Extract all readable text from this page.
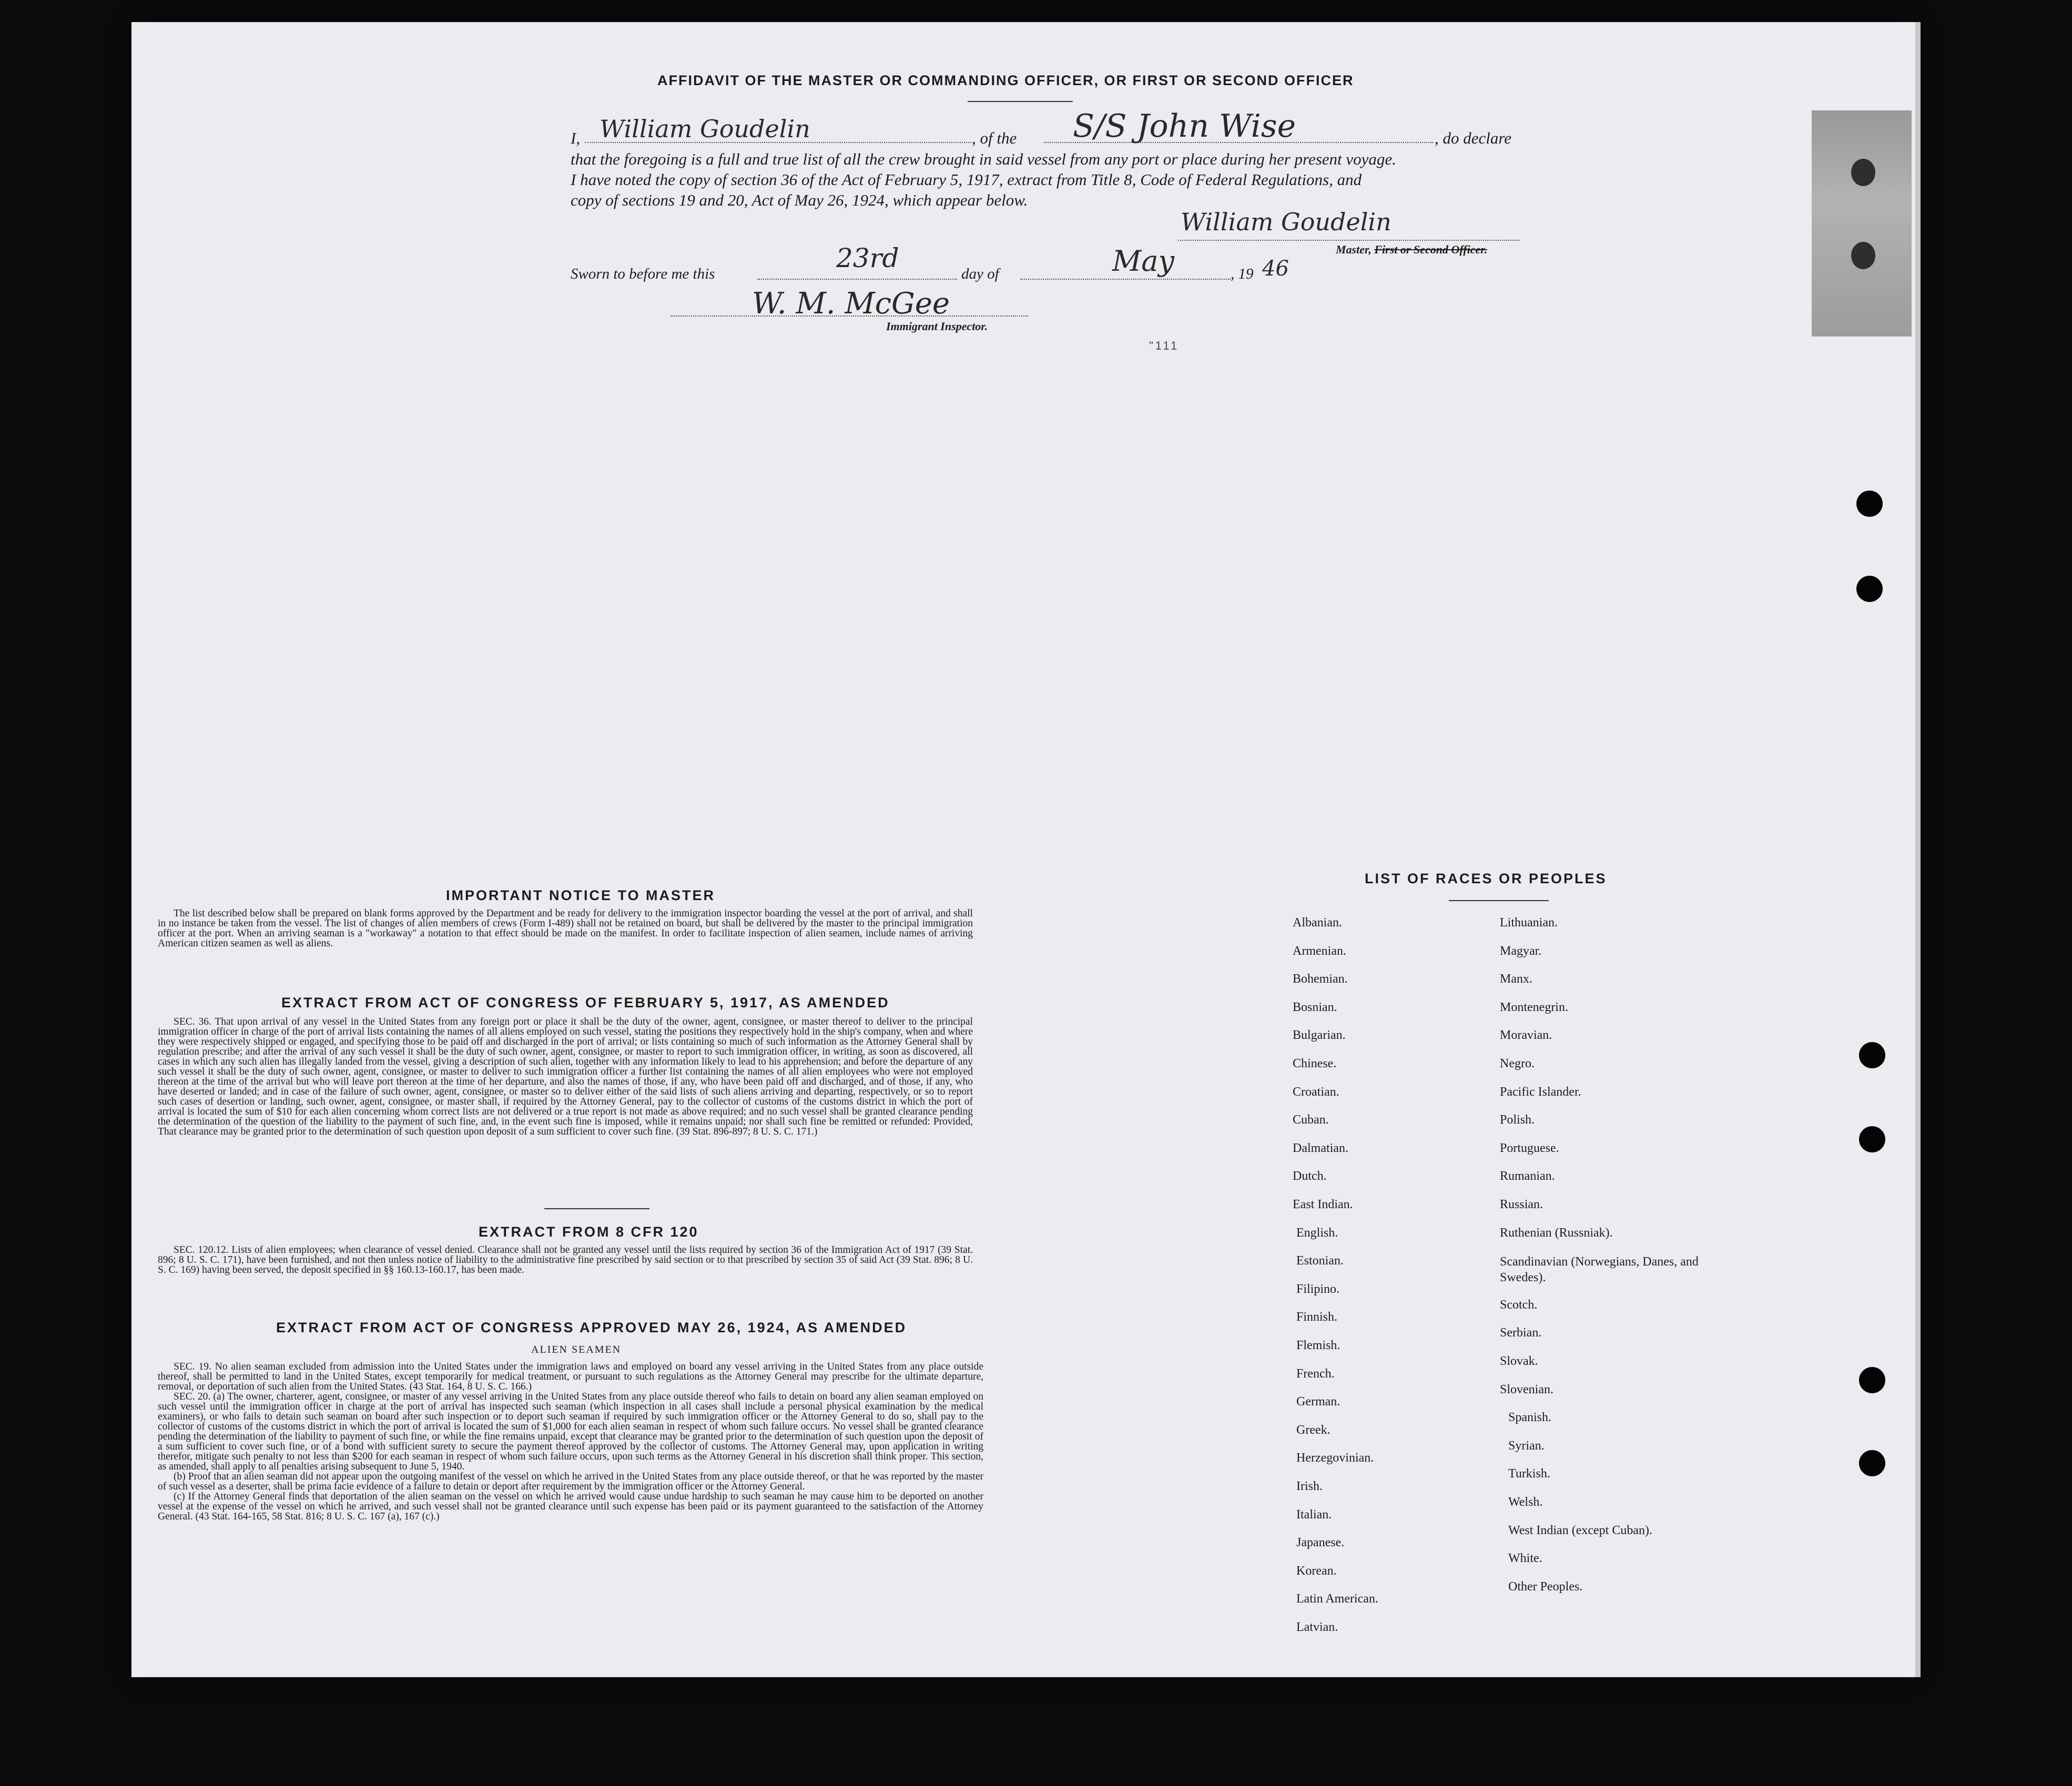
AFFIDAVIT OF THE MASTER OR COMMANDING OFFICER, OR FIRST OR SECOND OFFICER
I, William Goudelin	, of the S/S John Wise	, do declare
that the foregoing is a full and true list of all the crew brought in said vessel from any port or place during her present voyage.
I have noted the copy of section 36 of the Act of February 5, 1917, extract from Title 8, Code of Federal Regulations, and
copy of sections 19 and 20, Act of May 26, 1924, which appear below.
William Goudelin
Master, First or Second Officer.
Sworn to before me this
23rd
day of	May	, 19 46
W. M. McGee
Immigrant Inspector.
"111
IMPORTANT NOTICE TO MASTER

The list described below shall be prepared on blank forms approved by the Department and be ready for delivery to the immigration inspector boarding the vessel at the port of arrival, and shall in no instance be taken from the vessel. The list of changes of alien members of crews (Form I-489) shall not be retained on board, but shall be delivered by the master to the principal immigration officer at the port. When an arriving seaman is a "workaway" a notation to that effect should be made on the manifest. In order to facilitate inspection of alien seamen, include names of arriving American citizen seamen as well as aliens.

EXTRACT FROM ACT OF CONGRESS OF FEBRUARY 5, 1917, AS AMENDED

SEC. 36. That upon arrival of any vessel in the United States from any foreign port or place it shall be the duty of the owner, agent, consignee, or master thereof to deliver to the principal immigration officer in charge of the port of arrival lists containing the names of all aliens employed on such vessel, stating the positions they respectively hold in the ship's company, when and where they were respectively shipped or engaged, and specifying those to be paid off and discharged in the port of arrival; or lists containing so much of such information as the Attorney General shall by regulation prescribe; and after the arrival of any such vessel it shall be the duty of such owner, agent, consignee, or master to report to such immigration officer, in writing, as soon as discovered, all cases in which any such alien has illegally landed from the vessel, giving a description of such alien, together with any information likely to lead to his apprehension; and before the departure of any such vessel it shall be the duty of such owner, agent, consignee, or master to deliver to such immigration officer a further list containing the names of all alien employees who were not employed thereon at the time of the arrival but who will leave port thereon at the time of her departure, and also the names of those, if any, who have been paid off and discharged, and of those, if any, who have deserted or landed; and in case of the failure of such owner, agent, consignee, or master so to deliver either of the said lists of such aliens arriving and departing, respectively, or so to report such cases of desertion or landing, such owner, agent, consignee, or master shall, if required by the Attorney General, pay to the collector of customs of the customs district in which the port of arrival is located the sum of $10 for each alien concerning whom correct lists are not delivered or a true report is not made as above required; and no such vessel shall be granted clearance pending the determination of the question of the liability to the payment of such fine, and, in the event such fine is imposed, while it remains unpaid; nor shall such fine be remitted or refunded: Provided, That clearance may be granted prior to the determination of such question upon deposit of a sum sufficient to cover such fine. (39 Stat. 896-897; 8 U. S. C. 171.)

EXTRACT FROM 8 CFR 120

SEC. 120.12. Lists of alien employees; when clearance of vessel denied. Clearance shall not be granted any vessel until the lists required by section 36 of the Immigration Act of 1917 (39 Stat. 896; 8 U. S. C. 171), have been furnished, and not then unless notice of liability to the administrative fine prescribed by said section or to that prescribed by section 35 of said Act (39 Stat. 896; 8 U. S. C. 169) having been served, the deposit specified in §§ 160.13-160.17, has been made.

EXTRACT FROM ACT OF CONGRESS APPROVED MAY 26, 1924, AS AMENDED
ALIEN SEAMEN

SEC. 19. No alien seaman excluded from admission into the United States under the immigration laws and employed on board any vessel arriving in the United States from any place outside thereof, shall be permitted to land in the United States, except temporarily for medical treatment, or pursuant to such regulations as the Attorney General may prescribe for the ultimate departure, removal, or deportation of such alien from the United States. (43 Stat. 164, 8 U. S. C. 166.)

SEC. 20. (a) The owner, charterer, agent, consignee, or master of any vessel arriving in the United States from any place outside thereof who fails to detain on board any alien seaman employed on such vessel until the immigration officer in charge at the port of arrival has inspected such seaman (which inspection in all cases shall include a personal physical examination by the medical examiners), or who fails to detain such seaman on board after such inspection or to deport such seaman if required by such immigration officer or the Attorney General to do so, shall pay to the collector of customs of the customs district in which the port of arrival is located the sum of $1,000 for each alien seaman in respect of whom such failure occurs. No vessel shall be granted clearance pending the determination of the liability to payment of such fine, or while the fine remains unpaid, except that clearance may be granted prior to the determination of such question upon the deposit of a sum sufficient to cover such fine, or of a bond with sufficient surety to secure the payment thereof approved by the collector of customs. The Attorney General may, upon application in writing therefor, mitigate such penalty to not less than $200 for each seaman in respect of whom such failure occurs, upon such terms as the Attorney General in his discretion shall think proper. This section, as amended, shall apply to all penalties arising subsequent to June 5, 1940.

(b) Proof that an alien seaman did not appear upon the outgoing manifest of the vessel on which he arrived in the United States from any place outside thereof, or that he was reported by the master of such vessel as a deserter, shall be prima facie evidence of a failure to detain or deport after requirement by the immigration officer or the Attorney General.

(c) If the Attorney General finds that deportation of the alien seaman on the vessel on which he arrived would cause undue hardship to such seaman he may cause him to be deported on another vessel at the expense of the vessel on which he arrived, and such vessel shall not be granted clearance until such expense has been paid or its payment guaranteed to the satisfaction of the Attorney General. (43 Stat. 164-165, 58 Stat. 816; 8 U. S. C. 167 (a), 167 (c).)

LIST OF RACES OR PEOPLES
Albanian.
Armenian.
Bohemian.
Bosnian.
Bulgarian.
Chinese.
Croatian.
Cuban.
Dalmatian.
Dutch.
East Indian.
English.
Estonian.
Filipino.
Finnish.
Flemish.
French.
German.
Greek.
Herzegovinian.
Irish.
Italian.
Japanese.
Korean.
Latin American.
Latvian.
Lithuanian.
Magyar.
Manx.
Montenegrin.
Moravian.
Negro.
Pacific Islander.
Polish.
Portuguese.
Rumanian.
Russian.
Ruthenian (Russniak).
Scandinavian (Norwegians, Danes, and Swedes).
Scotch.
Serbian.
Slovak.
Slovenian.
Spanish.
Syrian.
Turkish.
Welsh.
West Indian (except Cuban).
White.
Other Peoples.
